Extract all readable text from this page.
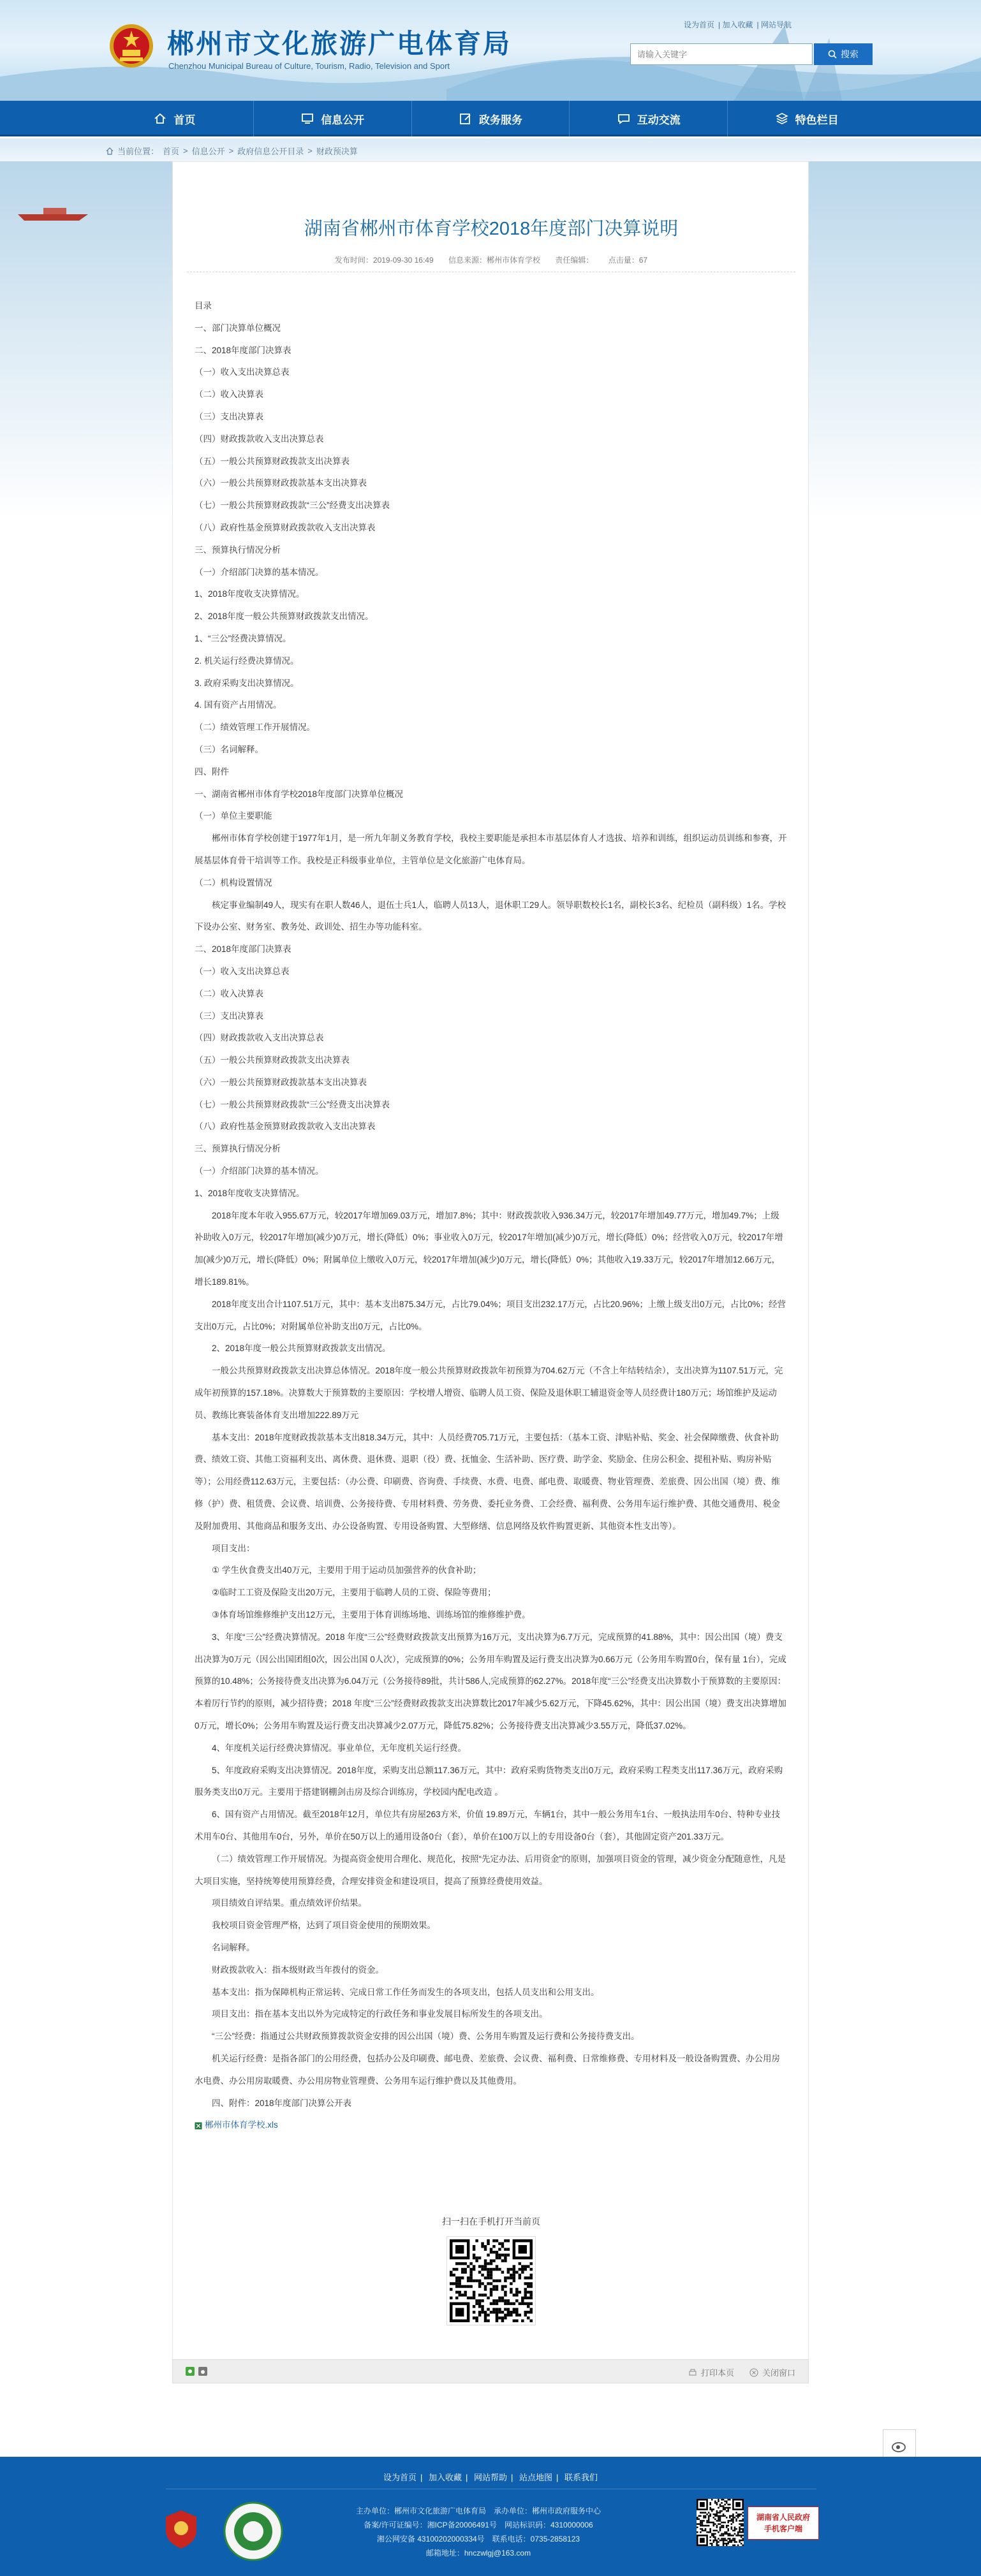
郴州市文化旅游广电体育局
Chenzhou Municipal Bureau of Culture, Tourism, Radio, Television and Sport
设为首页 | 加入收藏 | 网站导航
请输入关键字
搜索
首页	信息公开	政务服务	互动交流	特色栏目
当前位置： 首页 > 信息公开 > 政府信息公开目录 > 财政预决算
湖南省郴州市体育学校2018年度部门决算说明
发布时间：2019-09-30 16:49 信息来源：郴州市体育学校 责任编辑： 点击量：67

目录

一、部门决算单位概况

二、2018年度部门决算表

（一）收入支出决算总表

（二）收入决算表

（三）支出决算表

（四）财政拨款收入支出决算总表

（五）一般公共预算财政拨款支出决算表

（六）一般公共预算财政拨款基本支出决算表

（七）一般公共预算财政拨款“三公”经费支出决算表

（八）政府性基金预算财政拨款收入支出决算表

三、预算执行情况分析

（一）介绍部门决算的基本情况。

1、2018年度收支决算情况。

2、2018年度一般公共预算财政拨款支出情况。

1、“三公”经费决算情况。

2. 机关运行经费决算情况。

3. 政府采购支出决算情况。

4. 国有资产占用情况。

（二）绩效管理工作开展情况。

（三）名词解释。

四、附件

一、湖南省郴州市体育学校2018年度部门决算单位概况

（一）单位主要职能

郴州市体育学校创建于1977年1月，是一所九年制义务教育学校，我校主要职能是承担本市基层体育人才选拔、培养和训练，组织运动员训练和参赛，开展基层体育骨干培训等工作。我校是正科级事业单位，主管单位是文化旅游广电体育局。

（二）机构设置情况

核定事业编制49人，现实有在职人数46人，退伍士兵1人，临聘人员13人，退休职工29人。领导职数校长1名，副校长3名、纪检员（副科级）1名。学校下设办公室、财务室、教务处、政训处、招生办等功能科室。

二、2018年度部门决算表

（一）收入支出决算总表

（二）收入决算表

（三）支出决算表

（四）财政拨款收入支出决算总表

（五）一般公共预算财政拨款支出决算表

（六）一般公共预算财政拨款基本支出决算表

（七）一般公共预算财政拨款“三公”经费支出决算表

（八）政府性基金预算财政拨款收入支出决算表

三、预算执行情况分析

（一）介绍部门决算的基本情况。

1、2018年度收支决算情况。

2018年度本年收入955.67万元，较2017年增加69.03万元，增加7.8%；其中：财政拨款收入936.34万元，较2017年增加49.77万元，增加49.7%；上级补助收入0万元，较2017年增加(减少)0万元，增长(降低）0%；事业收入0万元，较2017年增加(减少)0万元，增长(降低）0%；经营收入0万元，较2017年增加(减少)0万元，增长(降低）0%；附属单位上缴收入0万元，较2017年增加(减少)0万元，增长(降低）0%；其他收入19.33万元，较2017年增加12.66万元，增长189.81%。

2018年度支出合计1107.51万元，其中：基本支出875.34万元，占比79.04%；项目支出232.17万元，占比20.96%；上缴上级支出0万元，占比0%；经营支出0万元，占比0%；对附属单位补助支出0万元，占比0%。

2、2018年度一般公共预算财政拨款支出情况。

一般公共预算财政拨款支出决算总体情况。2018年度一般公共预算财政拨款年初预算为704.62万元（不含上年结转结余），支出决算为1107.51万元，完成年初预算的157.18%。决算数大于预算数的主要原因：学校增人增资、临聘人员工资、保险及退休职工辅退资金等人员经费计180万元；场馆维护及运动员、教练比赛装备体育支出增加222.89万元

基本支出：2018年度财政拨款基本支出818.34万元，其中：人员经费705.71万元，主要包括：（基本工资、津贴补贴、奖金、社会保障缴费、伙食补助费、绩效工资、其他工资福利支出、离休费、退休费、退职（役）费、抚恤金、生活补助、医疗费、助学金、奖励金、住房公积金、提租补贴、购房补贴等）；公用经费112.63万元，主要包括：（办公费、印刷费、咨询费、手续费、水费、电费、邮电费、取暖费、物业管理费、差旅费、因公出国（境）费、维修（护）费、租赁费、会议费、培训费、公务接待费、专用材料费、劳务费、委托业务费、工会经费、福利费、公务用车运行维护费、其他交通费用、税金及附加费用、其他商品和服务支出、办公设备购置、专用设备购置、大型修缮、信息网络及软件购置更新、其他资本性支出等）。

项目支出：

① 学生伙食费支出40万元，主要用于用于运动员加强营养的伙食补助；

②临时工工资及保险支出20万元，主要用于临聘人员的工资、保险等费用；

③体育场馆维修维护支出12万元，主要用于体育训练场地、训练场馆的维修维护费。

3、年度“三公”经费决算情况。2018 年度“三公”经费财政拨款支出预算为16万元，支出决算为6.7万元，完成预算的41.88%，其中：因公出国（境）费支出决算为0万元（因公出国团组0次，因公出国 0人次），完成预算的0%；公务用车购置及运行费支出决算为0.66万元（公务用车购置0台，保有量 1台），完成预算的10.48%；公务接待费支出决算为6.04万元（公务接待89批，共计586人,完成预算的62.27%。2018年度“三公”经费支出决算数小于预算数的主要原因：本着厉行节约的原则，减少招待费；2018 年度“三公”经费财政拨款支出决算数比2017年减少5.62万元，下降45.62%，其中：因公出国（境）费支出决算增加0万元，增长0%；公务用车购置及运行费支出决算减少2.07万元，降低75.82%；公务接待费支出决算减少3.55万元，降低37.02%。

4、年度机关运行经费决算情况。事业单位，无年度机关运行经费。

5、年度政府采购支出决算情况。2018年度，采购支出总额117.36万元，其中：政府采购货物类支出0万元，政府采购工程类支出117.36万元，政府采购服务类支出0万元。主要用于搭建钢棚剑击房及综合训练房，学校园内配电改造 。

6、国有资产占用情况。截至2018年12月，单位共有房屋263方米，价值 19.89万元，车辆1台，其中一般公务用车1台、一般执法用车0台、特种专业技术用车0台、其他用车0台，另外，单价在50万以上的通用设备0台（套），单价在100万以上的专用设备0台（套），其他固定资产201.33万元。

（二）绩效管理工作开展情况。为提高资金使用合理化、规范化，按照“先定办法、后用资金”的原则，加强项目资金的管理，减少资金分配随意性，凡是大项目实施，坚持统筹使用预算经费，合理安排资金和建设项目，提高了预算经费使用效益。

项目绩效自评结果。重点绩效评价结果。

我校项目资金管理严格，达到了项目资金使用的预期效果。

名词解释。

财政拨款收入：指本级财政当年拨付的资金。

基本支出：指为保障机构正常运转、完成日常工作任务而发生的各项支出，包括人员支出和公用支出。

项目支出：指在基本支出以外为完成特定的行政任务和事业发展目标所发生的各项支出。

“三公”经费：指通过公共财政预算拨款资金安排的因公出国（境）费、公务用车购置及运行费和公务接待费支出。

机关运行经费：是指各部门的公用经费，包括办公及印刷费、邮电费、差旅费、会议费、福利费、日常维修费、专用材料及一般设备购置费、办公用房水电费、办公用房取暖费、办公用房物业管理费、公务用车运行维护费以及其他费用。

四、附件：2018年度部门决算公开表

郴州市体育学校.xls

扫一扫在手机打开当前页
打印本页	关闭窗口
设为首页 | 加入收藏 | 网站帮助 | 站点地图 | 联系我们
主办单位：郴州市文化旅游广电体育局　承办单位：郴州市政府服务中心
备案/许可证编号：湘ICP备20006491号　网站标识码：4310000006
湘公网安备 43100202000334号　联系电话：0735-2858123
邮箱地址：hnczwlgj@163.com
湖南省人民政府
手机客户端
